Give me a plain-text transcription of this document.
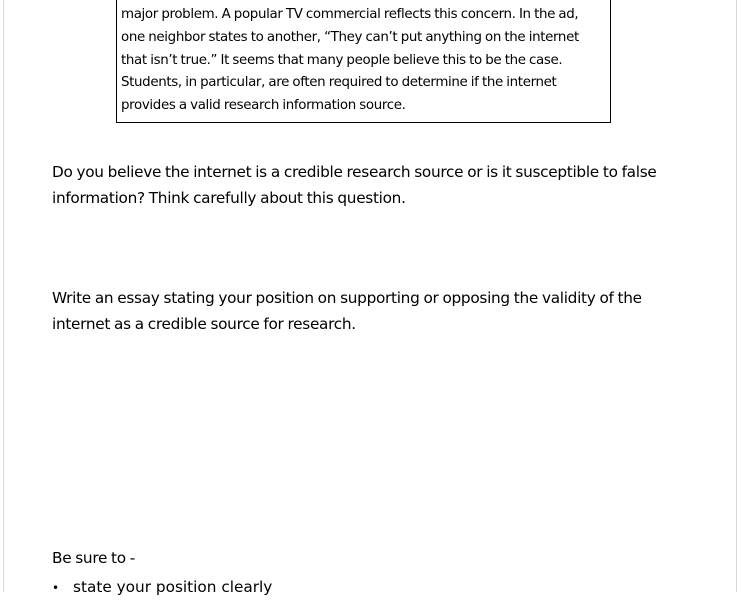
major problem. A popular TV commercial reflects this concern. In the ad,
one neighbor states to another, “They can’t put anything on the internet
that isn’t true.” It seems that many people believe this to be the case.
Students, in particular, are often required to determine if the internet
provides a valid research information source.
Do you believe the internet is a credible research source or is it susceptible to false
information? Think carefully about this question.
Write an essay stating your position on supporting or opposing the validity of the
internet as a credible source for research.
Be sure to -
• state your position clearly
